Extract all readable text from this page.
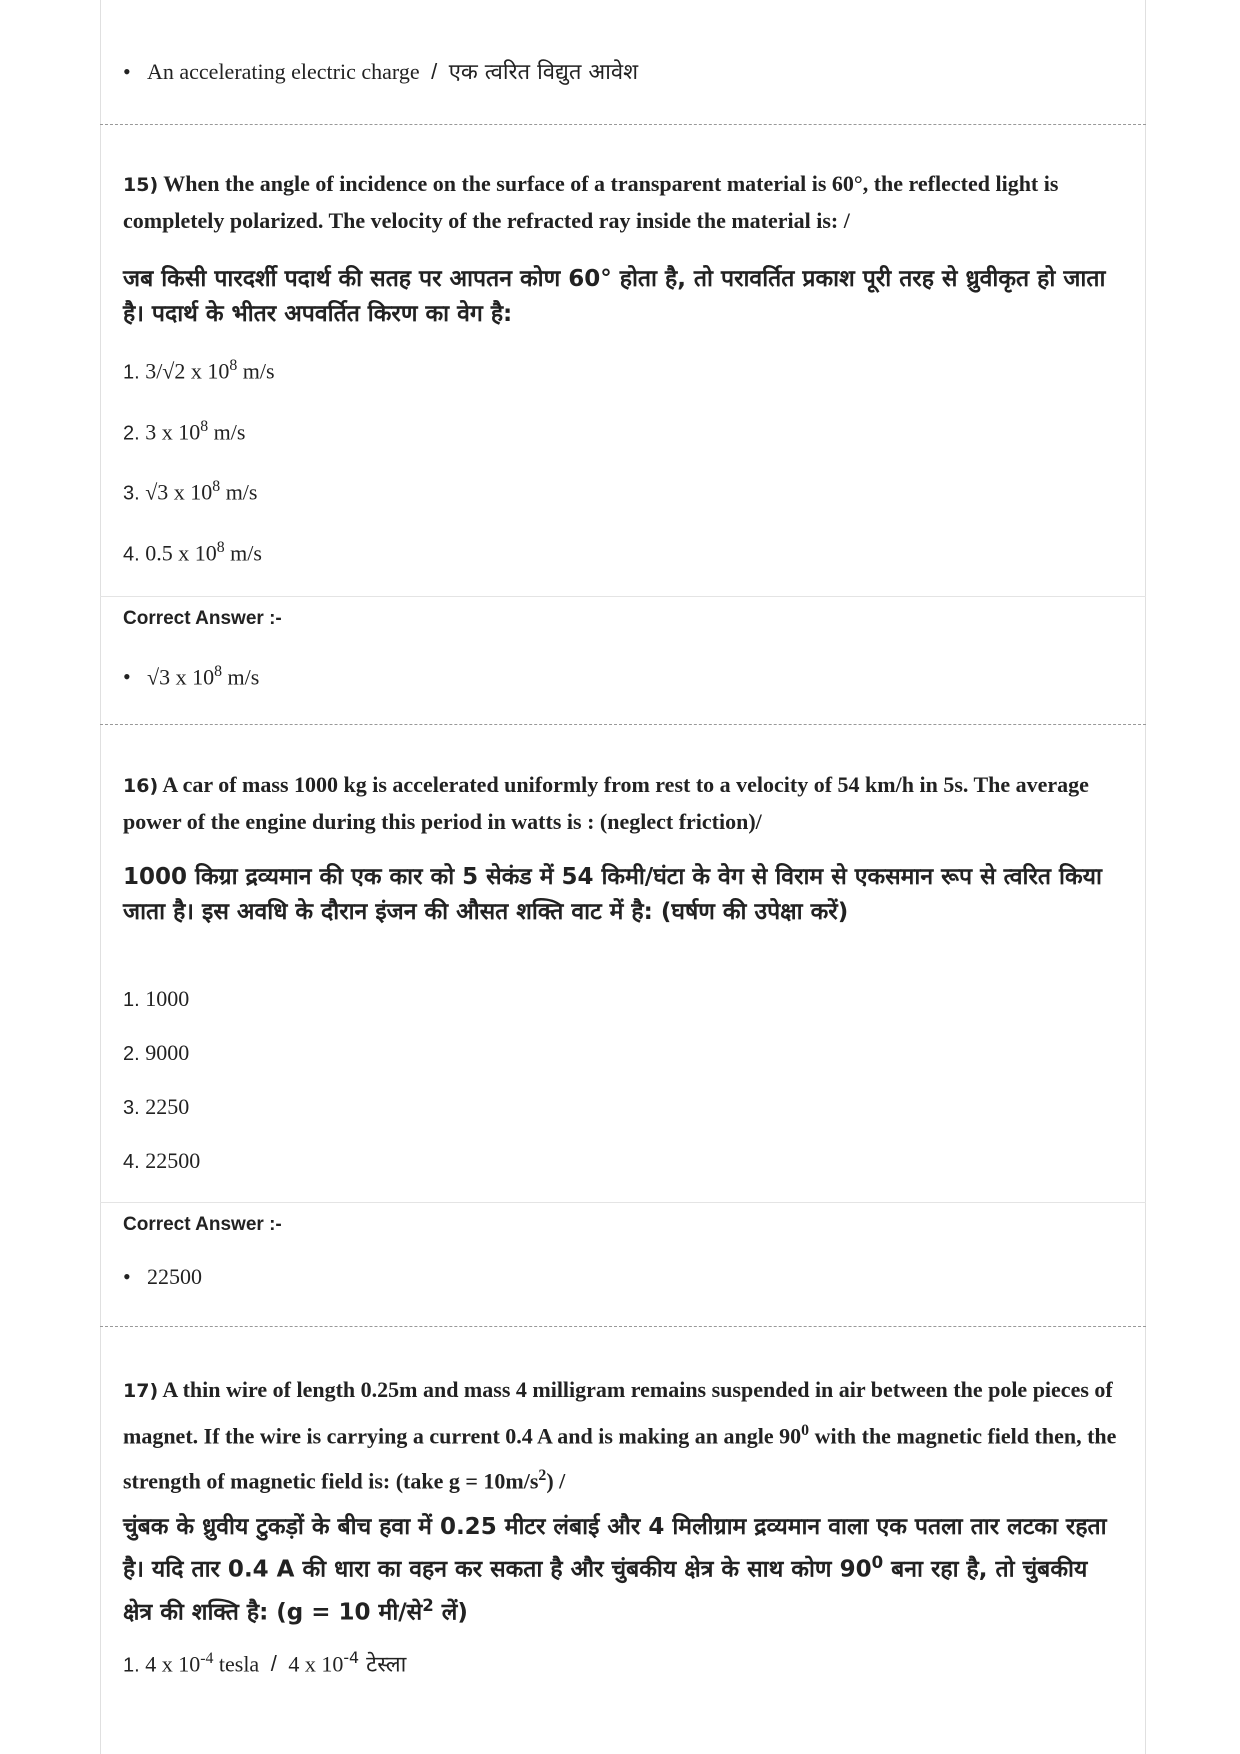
• An accelerating electric charge / एक त्वरित विद्युत आवेश
15) When the angle of incidence on the surface of a transparent material is 60°, the reflected light is completely polarized. The velocity of the refracted ray inside the material is: /
जब किसी पारदर्शी पदार्थ की सतह पर आपतन कोण 60° होता है, तो परावर्तित प्रकाश पूरी तरह से ध्रुवीकृत हो जाता है। पदार्थ के भीतर अपवर्तित किरण का वेग है:
1. 3/√2 x $10^8$ m/s
2. 3 x $10^8$ m/s
3. √3 x $10^8$ m/s
4. 0.5 x $10^8$ m/s
Correct Answer :-
• √3 x $10^8$ m/s
16) A car of mass 1000 kg is accelerated uniformly from rest to a velocity of 54 km/h in 5s. The average power of the engine during this period in watts is : (neglect friction)/
1000 किग्रा द्रव्यमान की एक कार को 5 सेकंड में 54 किमी/घंटा के वेग से विराम से एकसमान रूप से त्वरित किया जाता है। इस अवधि के दौरान इंजन की औसत शक्ति वाट में है: (घर्षण की उपेक्षा करें)
1. 1000
2. 9000
3. 2250
4. 22500
Correct Answer :-
• 22500
17) A thin wire of length 0.25m and mass 4 milligram remains suspended in air between the pole pieces of magnet. If the wire is carrying a current 0.4 A and is making an angle $90^0$ with the magnetic field then, the strength of magnetic field is: (take $g = 10m/s^2$) /
चुंबक के ध्रुवीय टुकड़ों के बीच हवा में 0.25 मीटर लंबाई और 4 मिलीग्राम द्रव्यमान वाला एक पतला तार लटका रहता है। यदि तार 0.4 A की धारा का वहन कर सकता है और चुंबकीय क्षेत्र के साथ कोण $90^0$ बना रहा है, तो चुंबकीय क्षेत्र की शक्ति है: (g = 10 मी/से$^2$ लें)
1. 4 x $10^{-4}$ tesla / 4 x $10^{-4}$ टेस्ला
